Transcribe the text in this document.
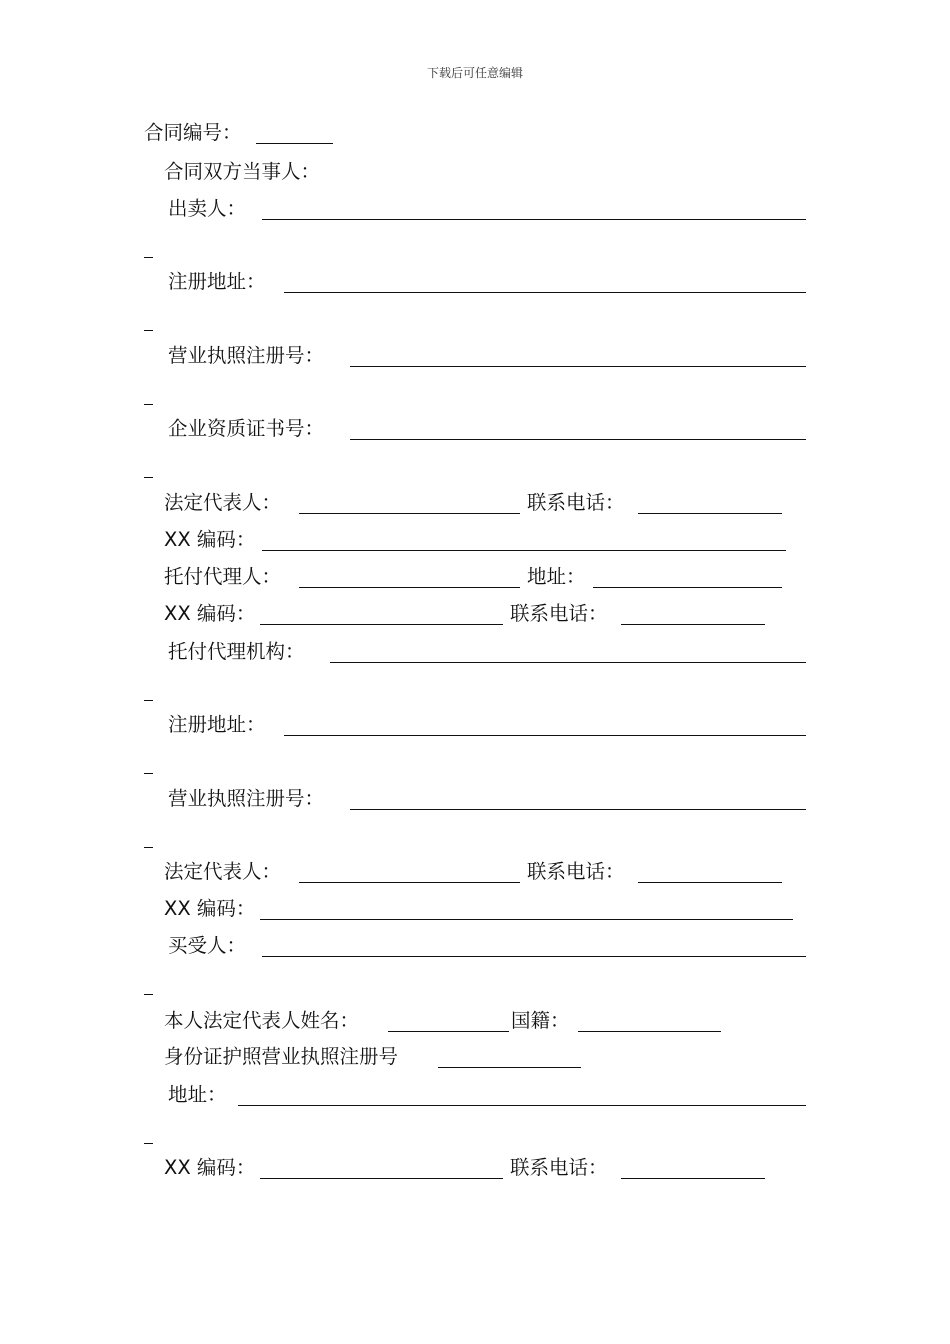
下载后可任意编辑
合同编号：
合同双方当事人：
出卖人：
注册地址：
营业执照注册号：
企业资质证书号：
法定代表人：	联系电话：
XX 编码：
托付代理人：	地址：
XX 编码：	联系电话：
托付代理机构：
注册地址：
营业执照注册号：
法定代表人：	联系电话：
XX 编码：
买受人：
本人法定代表人姓名：	国籍：
身份证护照营业执照注册号
地址：
XX 编码：	联系电话：
